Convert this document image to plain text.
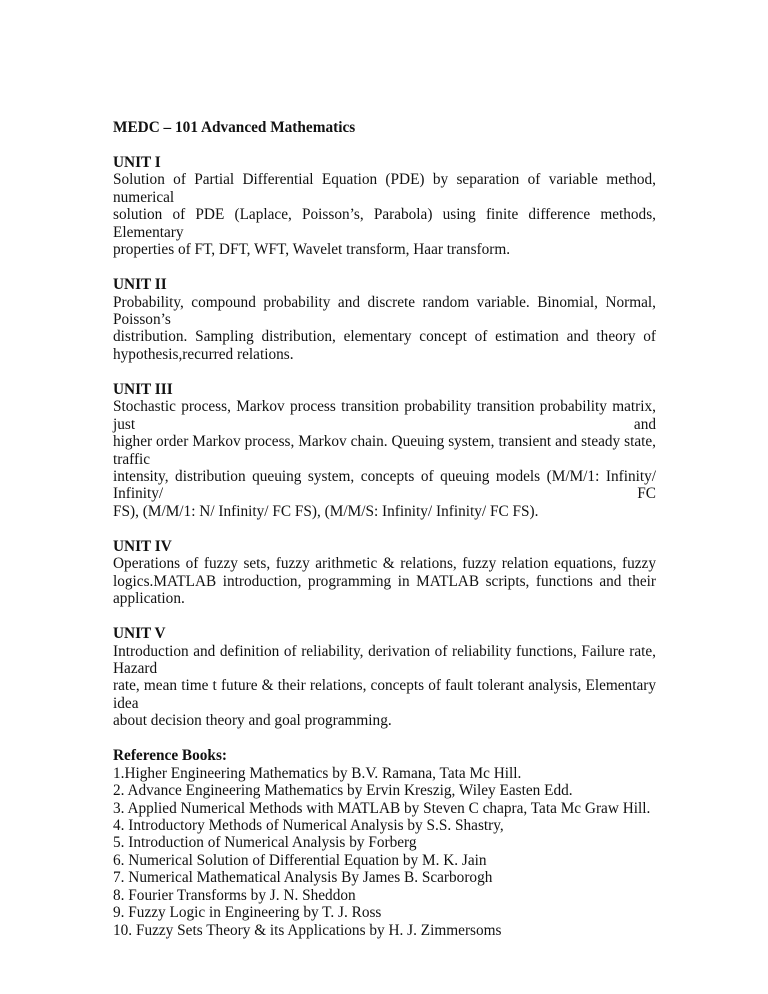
MEDC – 101 Advanced Mathematics
UNIT I
Solution of Partial Differential Equation (PDE) by separation of variable method, numerical
solution of PDE (Laplace, Poisson’s, Parabola) using finite difference methods, Elementary
properties of FT, DFT, WFT, Wavelet transform, Haar transform.
UNIT II
Probability, compound probability and discrete random variable. Binomial, Normal, Poisson’s
distribution. Sampling distribution, elementary concept of estimation and theory of
hypothesis,recurred relations.
UNIT III
Stochastic process, Markov process transition probability transition probability matrix, just and
higher order Markov process, Markov chain. Queuing system, transient and steady state, traffic
intensity, distribution queuing system, concepts of queuing models (M/M/1: Infinity/ Infinity/ FC
FS), (M/M/1: N/ Infinity/ FC FS), (M/M/S: Infinity/ Infinity/ FC FS).
UNIT IV
Operations of fuzzy sets, fuzzy arithmetic & relations, fuzzy relation equations, fuzzy
logics.MATLAB introduction, programming in MATLAB scripts, functions and their
application.
UNIT V
Introduction and definition of reliability, derivation of reliability functions, Failure rate, Hazard
rate, mean time t future & their relations, concepts of fault tolerant analysis, Elementary idea
about decision theory and goal programming.
Reference Books:
1.Higher Engineering Mathematics by B.V. Ramana, Tata Mc Hill.
2. Advance Engineering Mathematics by Ervin Kreszig, Wiley Easten Edd.
3. Applied Numerical Methods with MATLAB by Steven C chapra, Tata Mc Graw Hill.
4. Introductory Methods of Numerical Analysis by S.S. Shastry,
5. Introduction of Numerical Analysis by Forberg
6. Numerical Solution of Differential Equation by M. K. Jain
7. Numerical Mathematical Analysis By James B. Scarborogh
8. Fourier Transforms by J. N. Sheddon
9. Fuzzy Logic in Engineering by T. J. Ross
10. Fuzzy Sets Theory & its Applications by H. J. Zimmersoms
